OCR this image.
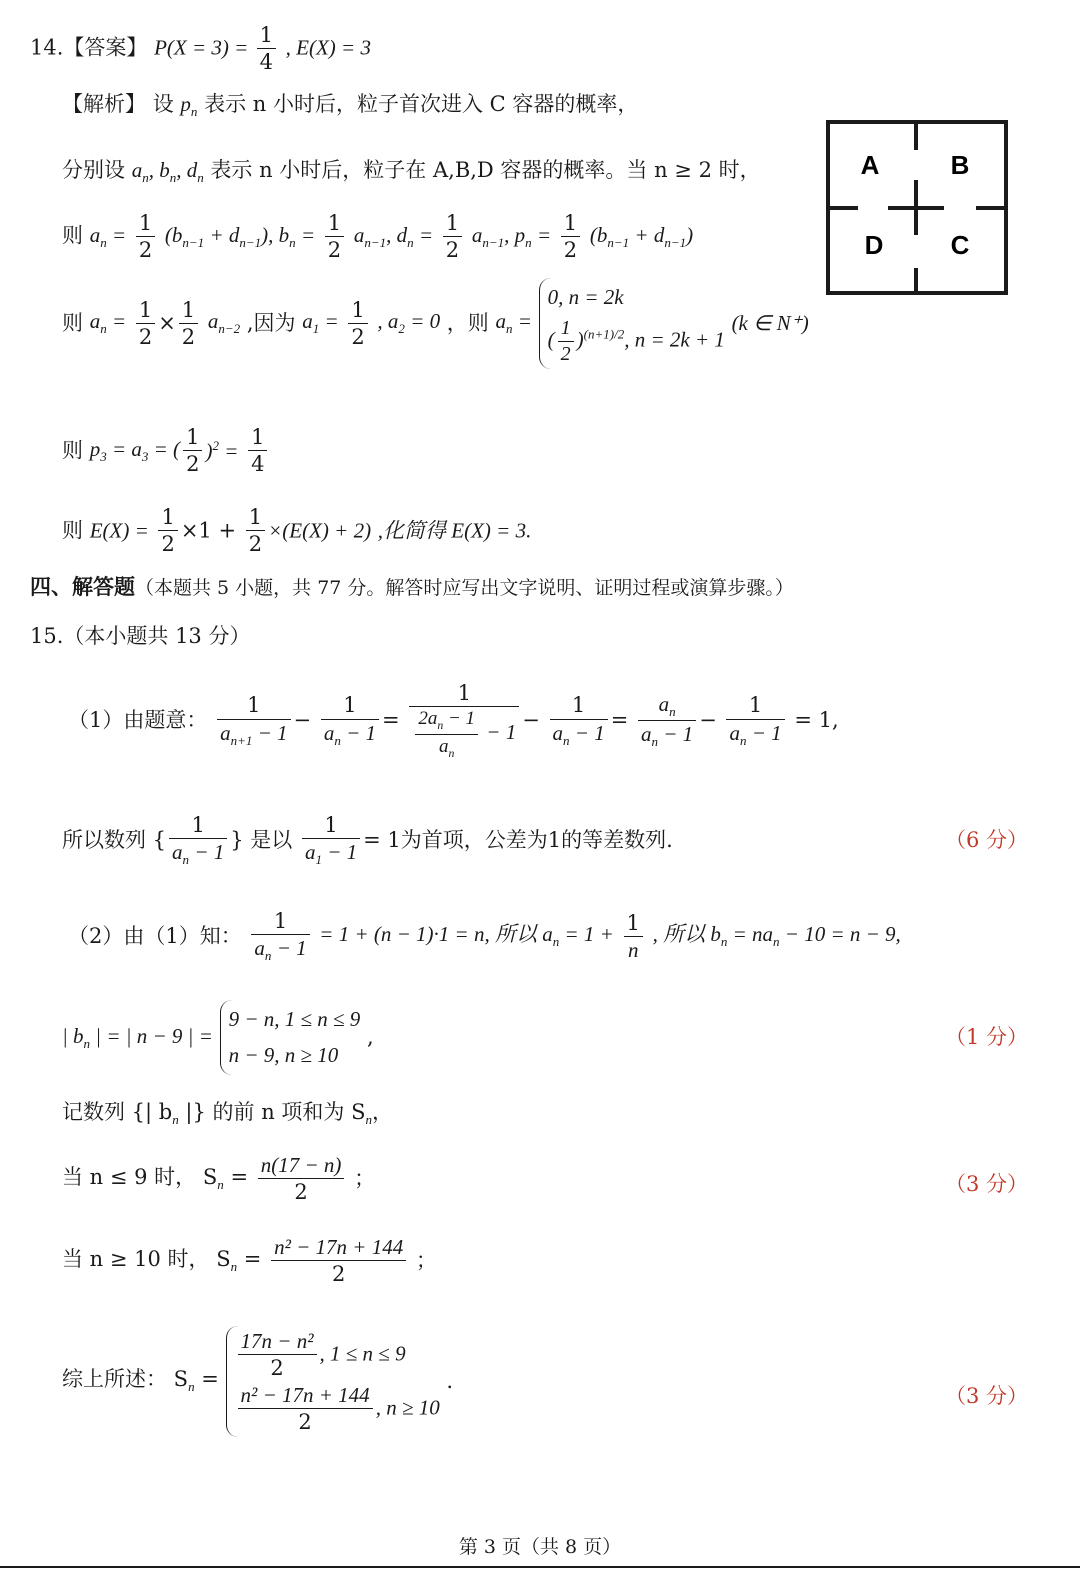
14.【答案】 $P(X = 3) = \frac{1}{4}$ , E(X) = 3
【解析】 设 $p_n$ 表示 n 小时后，粒子首次进入 C 容器的概率，
分别设 $a_n$, $b_n$, $d_n$ 表示 n 小时后，粒子在 A,B,D 容器的概率。当 n ≥ 2 时，
则 $a_n = \frac{1}{2} (b_{n-1} + d_{n-1})$, $b_n = \frac{1}{2} a_{n-1}$, $d_n = \frac{1}{2} a_{n-1}$, $p_n = \frac{1}{2} (b_{n-1} + d_{n-1})$
则 $a_n = \frac{1}{2} \times \frac{1}{2} a_{n-2}$ ,因为 $a_1 = \frac{1}{2}$ , $a_2 = 0$ ，则 $a_n$ =
0, n = 2k
( $\frac{1}{2} )^{(n+1)/2}$, n = 2k + 1
(k ∈ N⁺)
则 $p_3 = a_3$ = ( $\frac{1}{2} )^2 = \frac{1}{4}$
则 $E(X) = \frac{1}{2} \times 1 + \frac{1}{2} \times(E(X) + 2)$ ,化简得 E(X) = 3.
A	B
D	C
四、解答题（本题共 5 小题，共 77 分。解答时应写出文字说明、证明过程或演算步骤。）
15.（本小题共 13 分）
（1）由题意： $\frac{1}{a_{n+1} - 1} - \frac{1}{a_n - 1} = \frac{1}{\frac{2a_n - 1}{a_n} - 1} - \frac{1}{a_n - 1} = \frac{a_n}{a_n - 1} - \frac{1}{a_n - 1} = 1$,
所以数列 { $\frac{1}{a_n - 1}$ } 是以 $\frac{1}{a_1 - 1} = 1$为首项，公差为1的等差数列.	（6 分）
（2）由（1）知： $\frac{1}{a_n - 1} = 1 + (n - 1)\cdot 1 = n$, 所以 $a_n = 1 + \frac{1}{n}$ , 所以 $b_n = na_n - 10 = n - 9$,
| $b_n$ | = | n − 9 | =
9 − n, 1 ≤ n ≤ 9
n − 9, n ≥ 10
,	（1 分）
记数列 {| $b_n$ |} 的前 n 项和为 $S_n$，
当 n ≤ 9 时， $S_n = \frac{n(17 - n)}{2}$ ；	（3 分）
当 n ≥ 10 时， $S_n = \frac{\text{n² − 17n + 144}}{2}$ ；
综上所述： $S_n = \frac{\text{17n − n²}}{2}$ , 1 ≤ n ≤ 9
$\frac{\text{n² − 17n + 144}}{2}$ , n ≥ 10
.
（3 分）
第 3 页（共 8 页）
